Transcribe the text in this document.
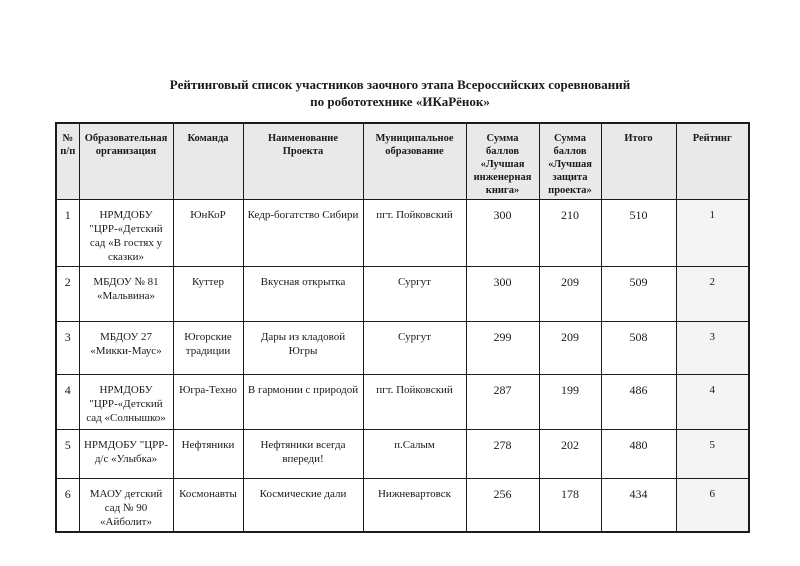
Рейтинговый список участников заочного этапа Всероссийских соревнований
по робототехнике «ИКаРёнок»
№ п/п	Образовательная организация	Команда	Наименование Проекта	Муниципальное образование	Сумма баллов «Лучшая инженерная книга»	Сумма баллов «Лучшая защита проекта»	Итого	Рейтинг
1	НРМДОБУ "ЦРР-«Детский сад «В гостях у сказки»	ЮнКоР	Кедр-богатство Сибири	пгт. Пойковский	300	210	510	1
2	МБДОУ № 81 «Мальвина»	Куттер	Вкусная открытка	Сургут	300	209	509	2
3	МБДОУ 27 «Микки-Маус»	Югорские традиции	Дары из кладовой Югры	Сургут	299	209	508	3
4	НРМДОБУ "ЦРР-«Детский сад «Солнышко»	Югра-Техно	В гармонии с природой	пгт. Пойковский	287	199	486	4
5	НРМДОБУ "ЦРР-д/с «Улыбка»	Нефтяники	Нефтяники всегда впереди!	п.Салым	278	202	480	5
6	МАОУ детский сад № 90 «Айболит»	Космонавты	Космические дали	Нижневартовск	256	178	434	6
